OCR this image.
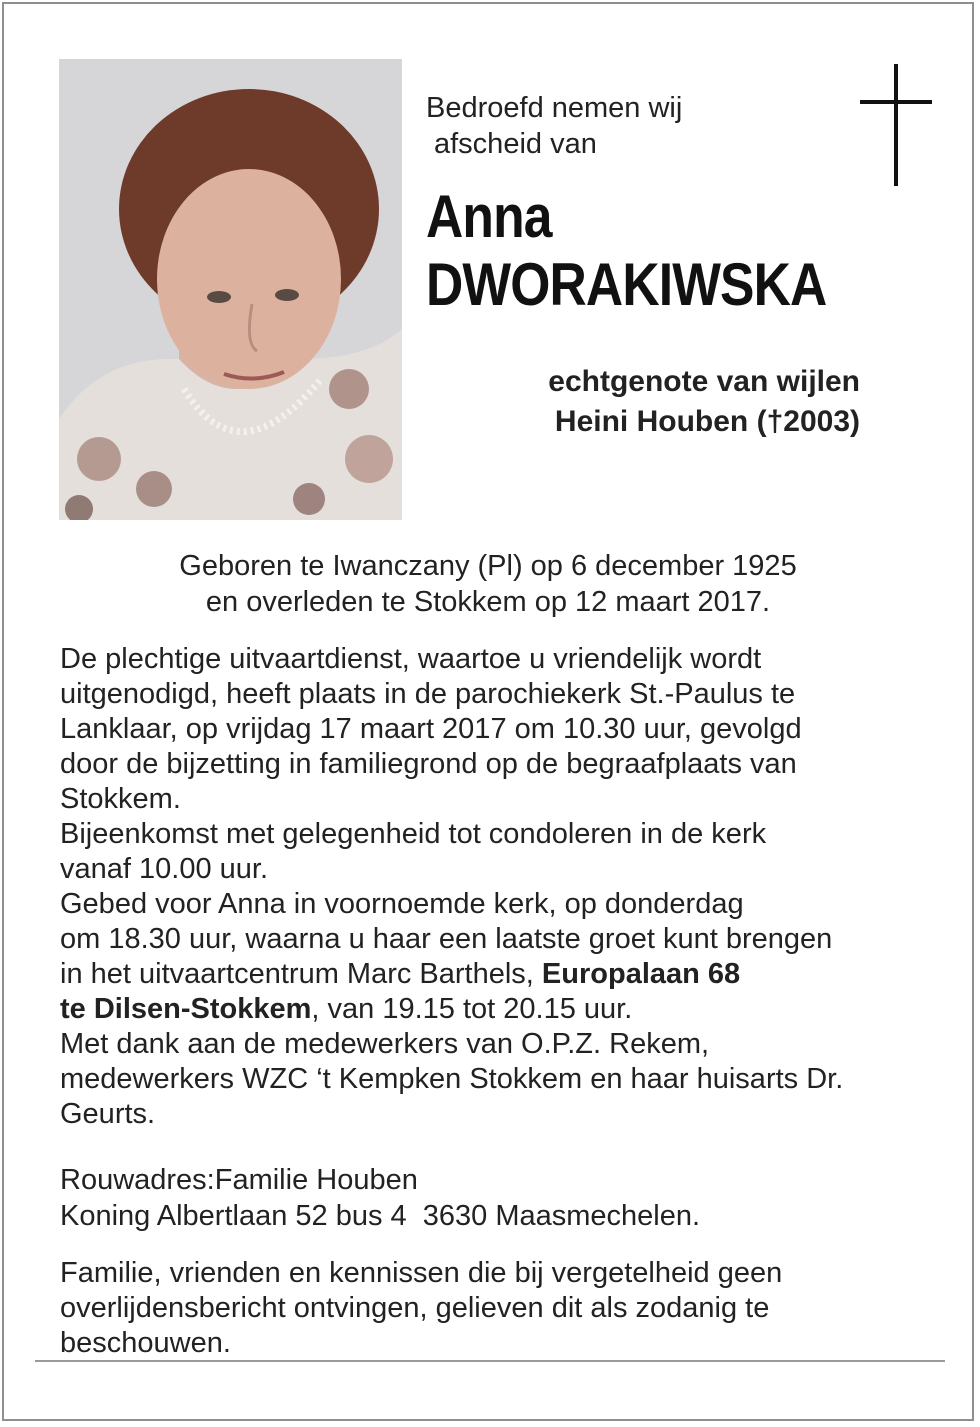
Bedroefd nemen wij
afscheid van
Anna
DWORAKIWSKA
echtgenote van wijlen
Heini Houben (†2003)
Geboren te Iwanczany (Pl) op 6 december 1925
en overleden te Stokkem op 12 maart 2017.
De plechtige uitvaartdienst, waartoe u vriendelijk wordt
uitgenodigd, heeft plaats in de parochiekerk St.-Paulus te
Lanklaar, op vrijdag 17 maart 2017 om 10.30 uur, gevolgd
door de bijzetting in familiegrond op de begraafplaats van
Stokkem.
Bijeenkomst met gelegenheid tot condoleren in de kerk
vanaf 10.00 uur.
Gebed voor Anna in voornoemde kerk, op donderdag
om 18.30 uur, waarna u haar een laatste groet kunt brengen
in het uitvaartcentrum Marc Barthels, Europalaan 68
te Dilsen-Stokkem, van 19.15 tot 20.15 uur.
Met dank aan de medewerkers van O.P.Z. Rekem,
medewerkers WZC ‘t Kempken Stokkem en haar huisarts Dr.
Geurts.
Rouwadres:Familie Houben
Koning Albertlaan 52 bus 4  3630 Maasmechelen.
Familie, vrienden en kennissen die bij vergetelheid geen
overlijdensbericht ontvingen, gelieven dit als zodanig te
beschouwen.
